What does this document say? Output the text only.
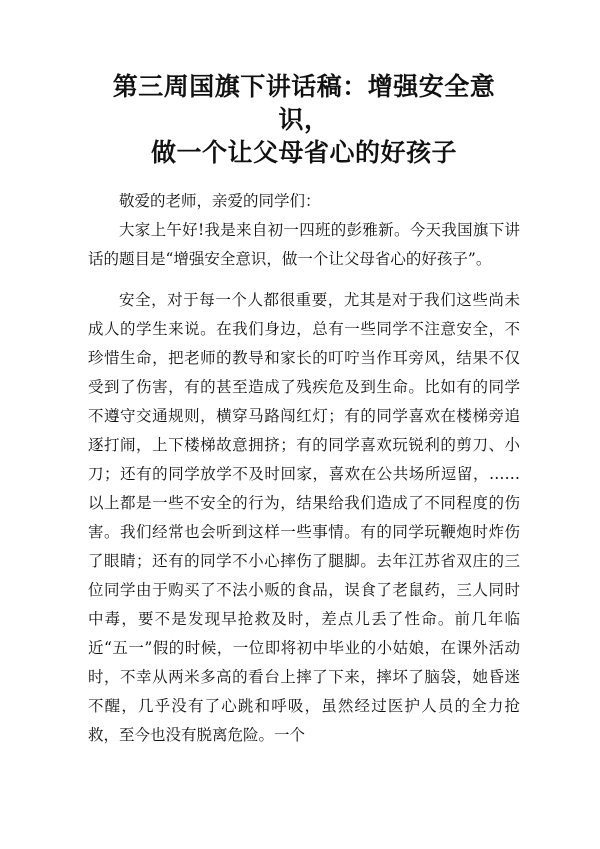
第三周国旗下讲话稿：增强安全意识，
做一个让父母省心的好孩子

敬爱的老师，亲爱的同学们：

大家上午好!我是来自初一四班的彭雅新。今天我国旗下讲话的题目是“增强安全意识，做一个让父母省心的好孩子”。

安全，对于每一个人都很重要，尤其是对于我们这些尚未成人的学生来说。在我们身边，总有一些同学不注意安全，不珍惜生命，把老师的教导和家长的叮咛当作耳旁风，结果不仅受到了伤害，有的甚至造成了残疾危及到生命。比如有的同学不遵守交通规则，横穿马路闯红灯；有的同学喜欢在楼梯旁追逐打闹，上下楼梯故意拥挤；有的同学喜欢玩锐利的剪刀、小刀；还有的同学放学不及时回家，喜欢在公共场所逗留，……以上都是一些不安全的行为，结果给我们造成了不同程度的伤害。我们经常也会听到这样一些事情。有的同学玩鞭炮时炸伤了眼睛；还有的同学不小心摔伤了腿脚。去年江苏省双庄的三位同学由于购买了不法小贩的食品，误食了老鼠药，三人同时中毒，要不是发现早抢救及时，差点儿丢了性命。前几年临近“五一”假的时候，一位即将初中毕业的小姑娘，在课外活动时，不幸从两米多高的看台上摔了下来，摔坏了脑袋，她昏迷不醒，几乎没有了心跳和呼吸，虽然经过医护人员的全力抢救，至今也没有脱离危险。一个
